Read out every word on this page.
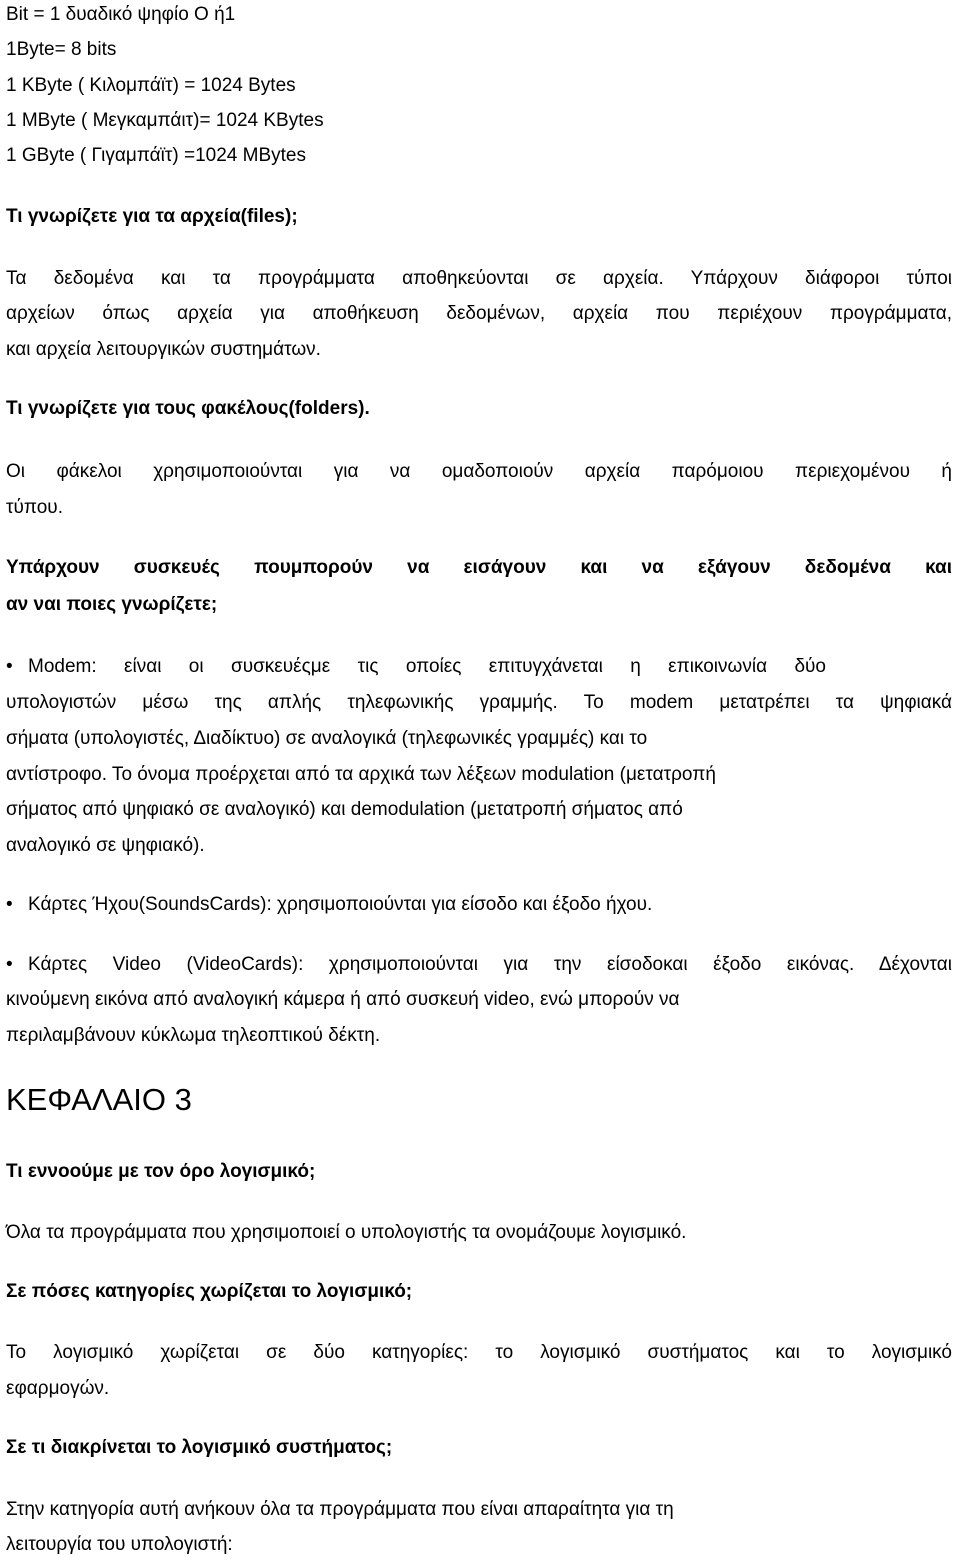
Bit = 1 δυαδικό ψηφίο Ο ή1
1Byte= 8 bits
1 KByte ( Κιλομπάϊτ) = 1024 Bytes
1 MByte ( Μεγκαμπάιτ)= 1024 KBytes
1 GByte ( Γιγαμπάϊτ) =1024 MBytes
Τι γνωρίζετε για τα αρχεία(files);
Τα δεδομένα και τα προγράμματα αποθηκεύονται σε αρχεία. Υπάρχουν διάφοροι τύποι
αρχείων όπως αρχεία για αποθήκευση δεδομένων, αρχεία που περιέχουν προγράμματα,
και αρχεία λειτουργικών συστημάτων.
Τι γνωρίζετε για τους φακέλους(folders).
Οι φάκελοι χρησιμοποιούνται για να ομαδοποιούν αρχεία παρόμοιου περιεχομένου ή
τύπου.
Υπάρχουν συσκευές πουμπορούν να εισάγουν και να εξάγουν δεδομένα και
αν ναι ποιες γνωρίζετε;
• Modem: είναι οι συσκευέςμε τις οποίες επιτυγχάνεται η επικοινωνία δύο
υπολογιστών μέσω της απλής τηλεφωνικής γραμμής. Το modem μετατρέπει τα ψηφιακά
σήματα (υπολογιστές, Διαδίκτυο) σε αναλογικά (τηλεφωνικές γραμμές) και το
αντίστροφο. Το όνομα προέρχεται από τα αρχικά των λέξεων modulation (μετατροπή
σήματος από ψηφιακό σε αναλογικό) και demodulation (μετατροπή σήματος από
αναλογικό σε ψηφιακό).
• Κάρτες Ήχου(SoundsCards): χρησιμοποιούνται για είσοδο και έξοδο ήχου.
• Κάρτες Video (VideoCards): χρησιμοποιούνται για την είσοδοκαι έξοδο εικόνας. Δέχονται
κινούμενη εικόνα από αναλογική κάμερα ή από συσκευή video, ενώ μπορούν να
περιλαμβάνουν κύκλωμα τηλεοπτικού δέκτη.
ΚΕΦΑΛΑΙΟ 3
Τι εννοούμε με τον όρο λογισμικό;
Όλα τα προγράμματα που χρησιμοποιεί ο υπολογιστής τα ονομάζουμε λογισμικό.
Σε πόσες κατηγορίες χωρίζεται το λογισμικό;
Το λογισμικό χωρίζεται σε δύο κατηγορίες: το λογισμικό συστήματος και το λογισμικό
εφαρμογών.
Σε τι διακρίνεται το λογισμικό συστήματος;
Στην κατηγορία αυτή ανήκουν όλα τα προγράμματα που είναι απαραίτητα για τη
λειτουργία του υπολογιστή:
